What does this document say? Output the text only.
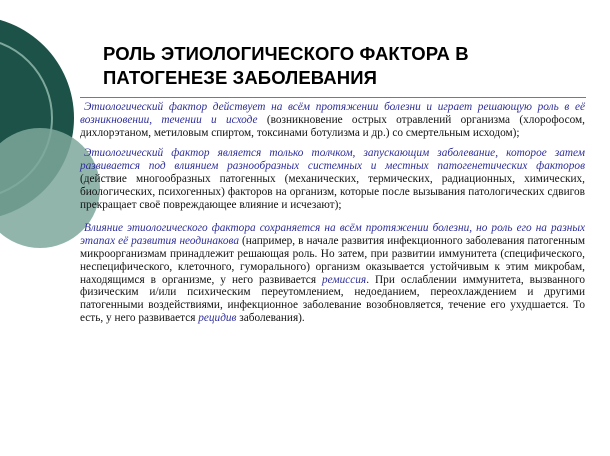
РОЛЬ ЭТИОЛОГИЧЕСКОГО ФАКТОРА В
ПАТОГЕНЕЗЕ ЗАБОЛЕВАНИЯ

Этиологический фактор действует на всём протяжении болезни и играет решающую роль в её возникновении, течении и исходе (возникновение острых отравлений организма (хлорофосом, дихлорэтаном, метиловым спиртом, токсинами ботулизма и др.) со смертельным исходом);

Этиологический фактор является только толчком, запускающим заболевание, которое затем развивается под влиянием разнообразных системных и местных патогенетических факторов (действие многообразных патогенных (механических, термических, радиационных, химических, биологических, психогенных) факторов на организм, которые после вызывания патологических сдвигов прекращает своё повреждающее влияние и исчезают);

Влияние этиологического фактора сохраняется на всём протяжении болезни, но роль его на разных этапах её развития неодинакова (например, в начале развития инфекционного заболевания патогенным микроорганизмам принадлежит решающая роль. Но затем, при развитии иммунитета (специфического, неспецифического, клеточного, гуморального) организм оказывается устойчивым к этим микробам, находящимся в организме, у него развивается ремиссия. При ослаблении иммунитета, вызванного физическим и/или психическим переутомлением, недоеданием, переохлаждением и другими патогенными воздействиями, инфекционное заболевание возобновляется, течение его ухудшается. То есть, у него развивается рецидив заболевания).
